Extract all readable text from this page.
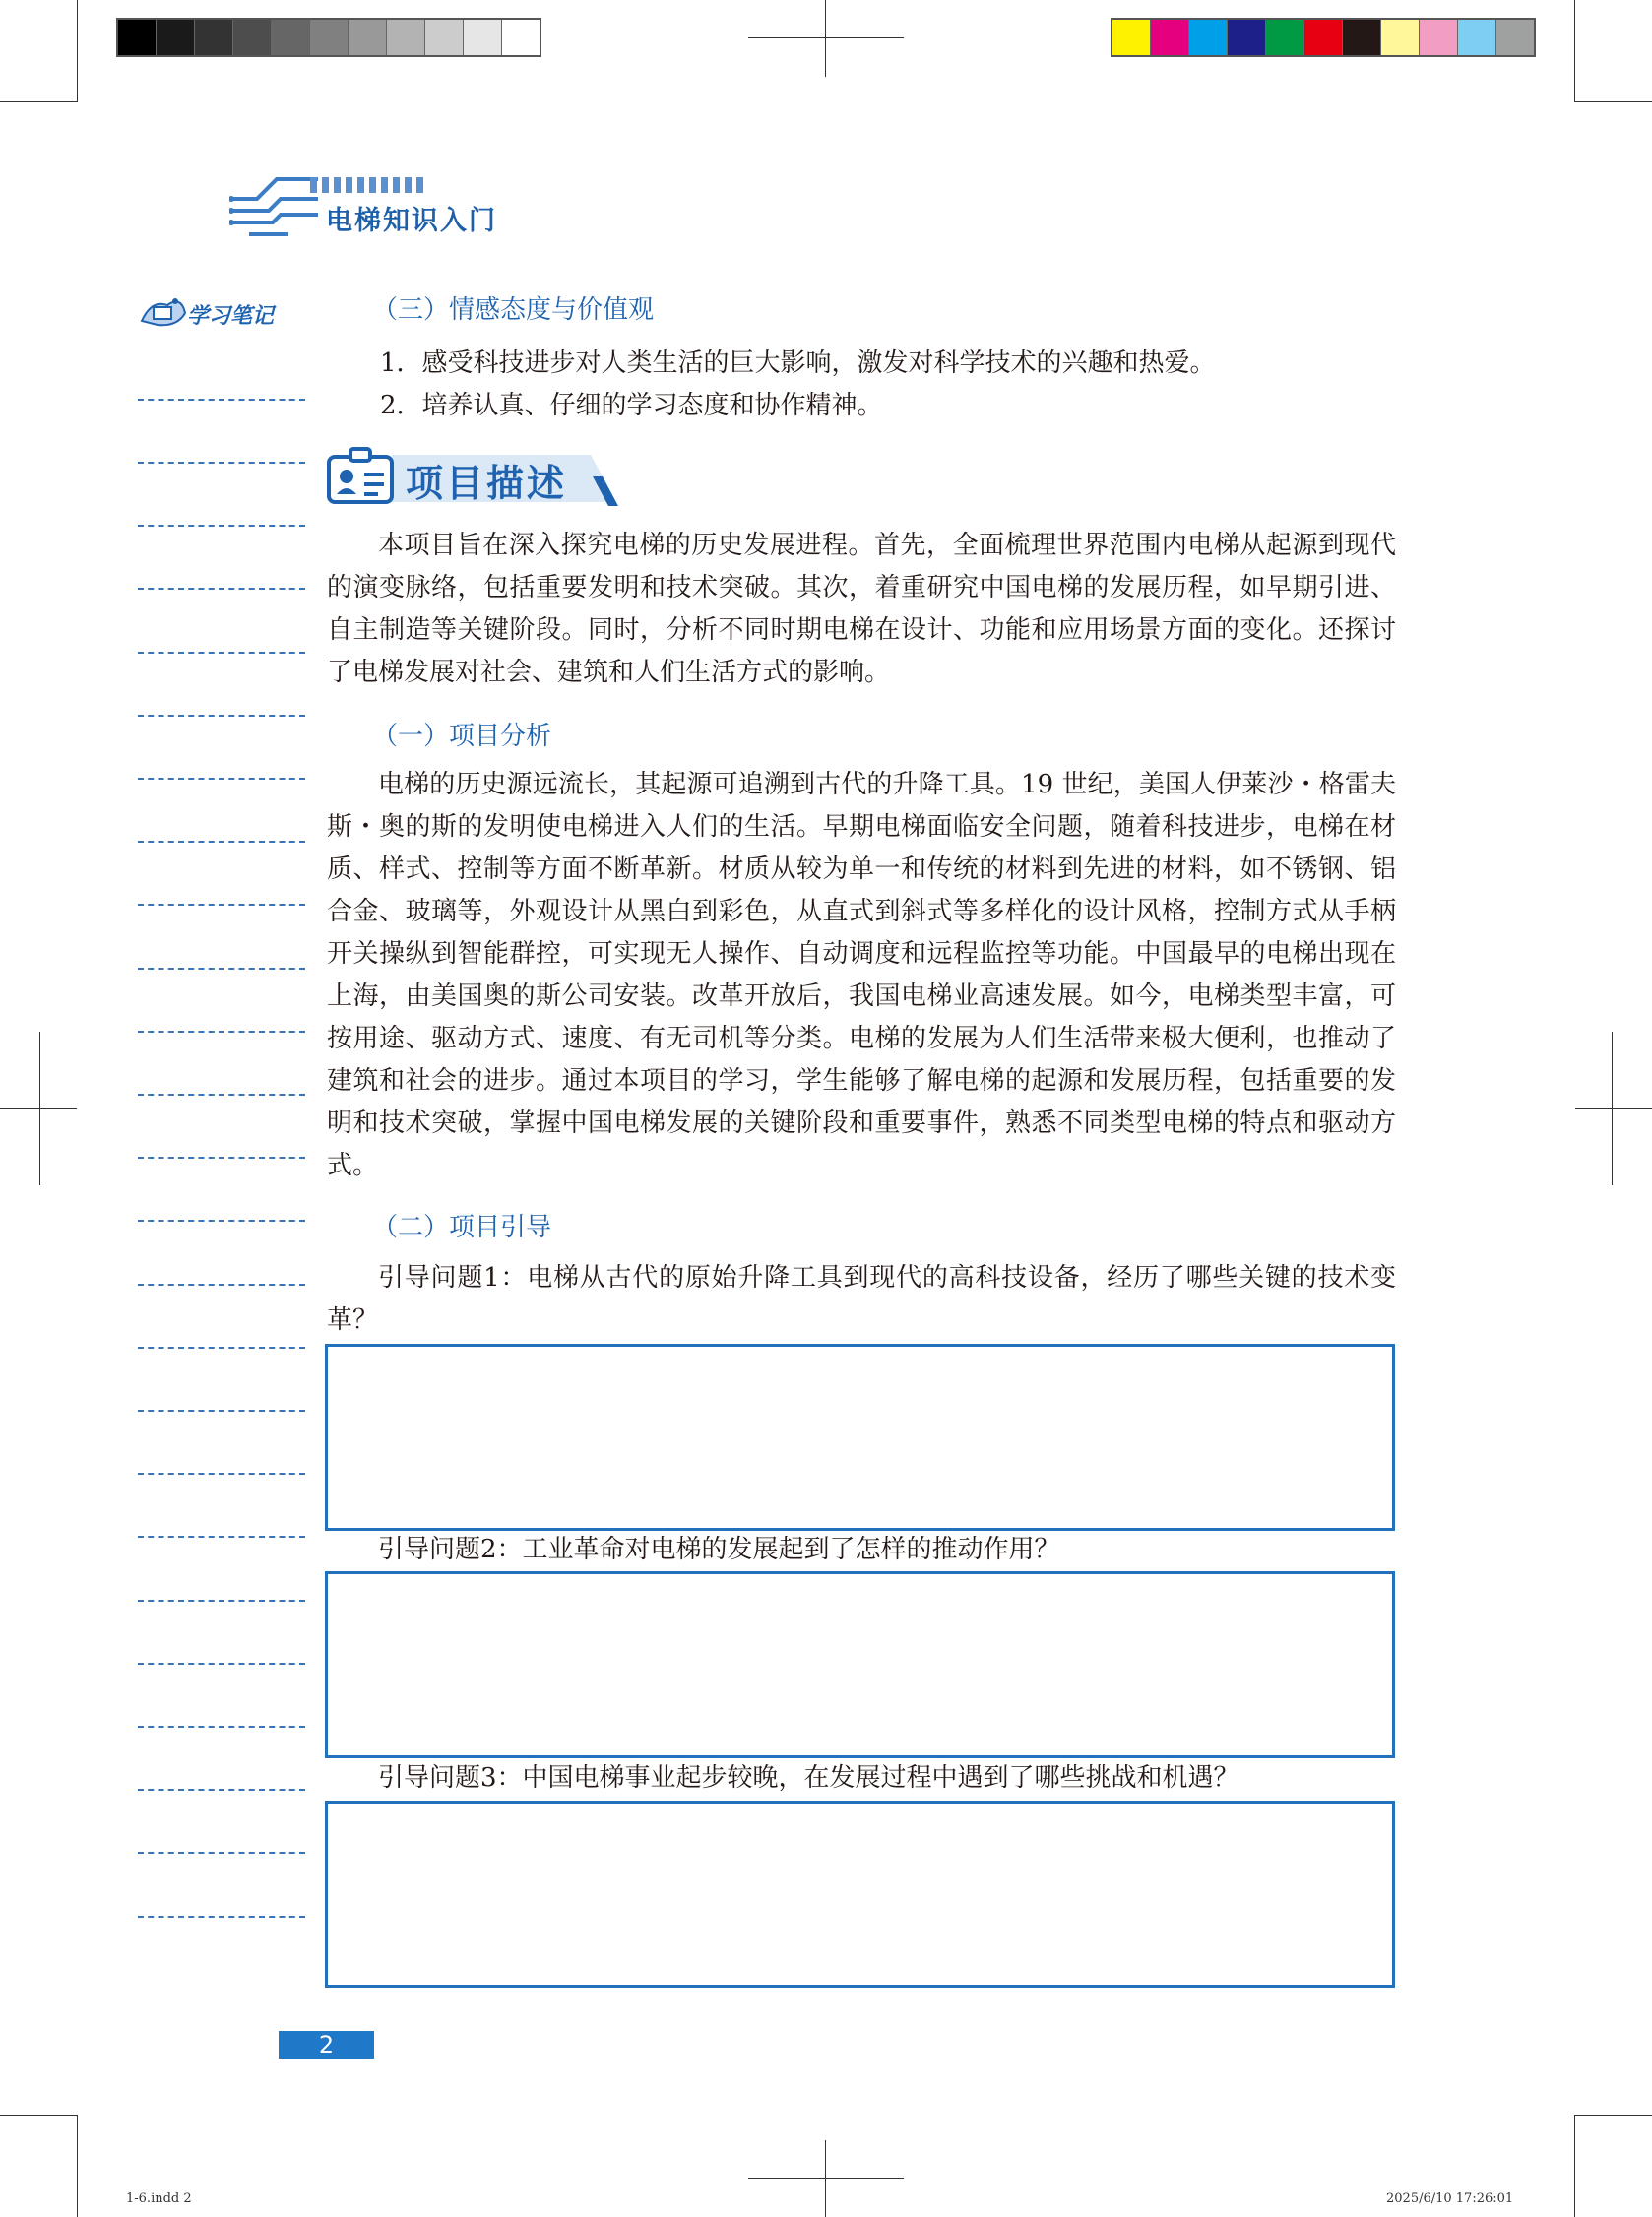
电梯知识入门
学习笔记	（三）情感态度与价值观
1．感受科技进步对人类生活的巨大影响，激发对科学技术的兴趣和热爱。
2．培养认真、仔细的学习态度和协作精神。
项目描述
本项目旨在深入探究电梯的历史发展进程。首先，全面梳理世界范围内电梯从起源到现代的演变脉络，包括重要发明和技术突破。其次，着重研究中国电梯的发展历程，如早期引进、自主制造等关键阶段。同时，分析不同时期电梯在设计、功能和应用场景方面的变化。还探讨了电梯发展对社会、建筑和人们生活方式的影响。
（一）项目分析
电梯的历史源远流长，其起源可追溯到古代的升降工具。19 世纪，美国人伊莱沙・格雷夫斯・奥的斯的发明使电梯进入人们的生活。早期电梯面临安全问题，随着科技进步，电梯在材质、样式、控制等方面不断革新。材质从较为单一和传统的材料到先进的材料，如不锈钢、铝合金、玻璃等，外观设计从黑白到彩色，从直式到斜式等多样化的设计风格，控制方式从手柄开关操纵到智能群控，可实现无人操作、自动调度和远程监控等功能。中国最早的电梯出现在上海，由美国奥的斯公司安装。改革开放后，我国电梯业高速发展。如今，电梯类型丰富，可按用途、驱动方式、速度、有无司机等分类。电梯的发展为人们生活带来极大便利，也推动了建筑和社会的进步。通过本项目的学习，学生能够了解电梯的起源和发展历程，包括重要的发明和技术突破，掌握中国电梯发展的关键阶段和重要事件，熟悉不同类型电梯的特点和驱动方式。
（二）项目引导
引导问题1：电梯从古代的原始升降工具到现代的高科技设备，经历了哪些关键的技术变革？
引导问题2：工业革命对电梯的发展起到了怎样的推动作用？
引导问题3：中国电梯事业起步较晚，在发展过程中遇到了哪些挑战和机遇？
2
1-6.indd 2	2025/6/10 17:26:01
